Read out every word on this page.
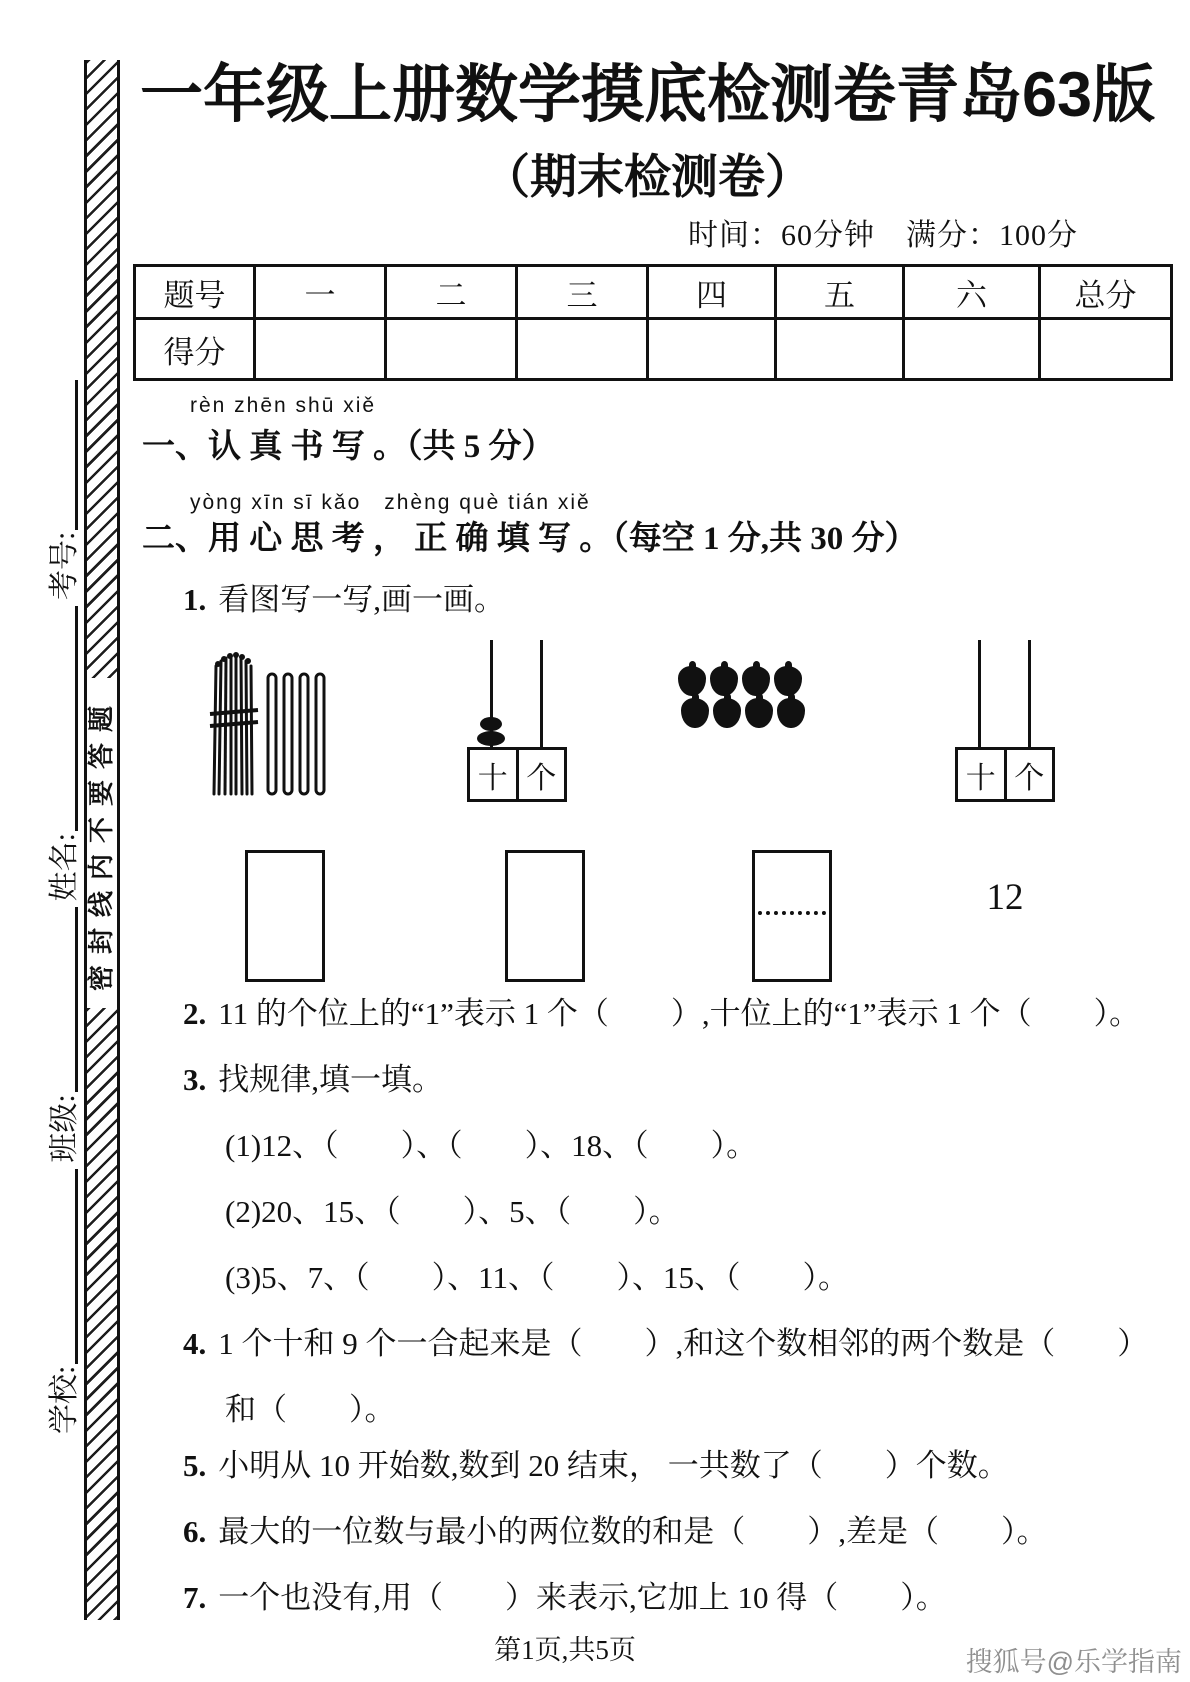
学校:
班级:
姓名:
考号:
密封线内不要答题
一年级上册数学摸底检测卷青岛63版
（期末检测卷）
时间：60分钟　满分：100分
题号	一	二	三	四	五	六	总分
得分							
rèn zhēn shū xiě
一、认 真 书 写 。（共 5 分）
yòng xīn sī kǎo　zhèng què tián xiě
二、用 心 思 考 ， 正 确 填 写 。（每空 1 分,共 30 分）
1. 看图写一写,画一画。
十 个	十 个
12
2. 11 的个位上的“1”表示 1 个（　　）,十位上的“1”表示 1 个（　　）。
3. 找规律,填一填。
(1)12、（　　）、（　　）、18、（　　）。
(2)20、15、（　　）、5、（　　）。
(3)5、7、（　　）、11、（　　）、15、（　　）。
4. 1 个十和 9 个一合起来是（　　）,和这个数相邻的两个数是（　　）
和（　　）。
5. 小明从 10 开始数,数到 20 结束， 一共数了（　　）个数。
6. 最大的一位数与最小的两位数的和是（　　）,差是（　　）。
7. 一个也没有,用（　　）来表示,它加上 10 得（　　）。
第1页,共5页	搜狐号@乐学指南
